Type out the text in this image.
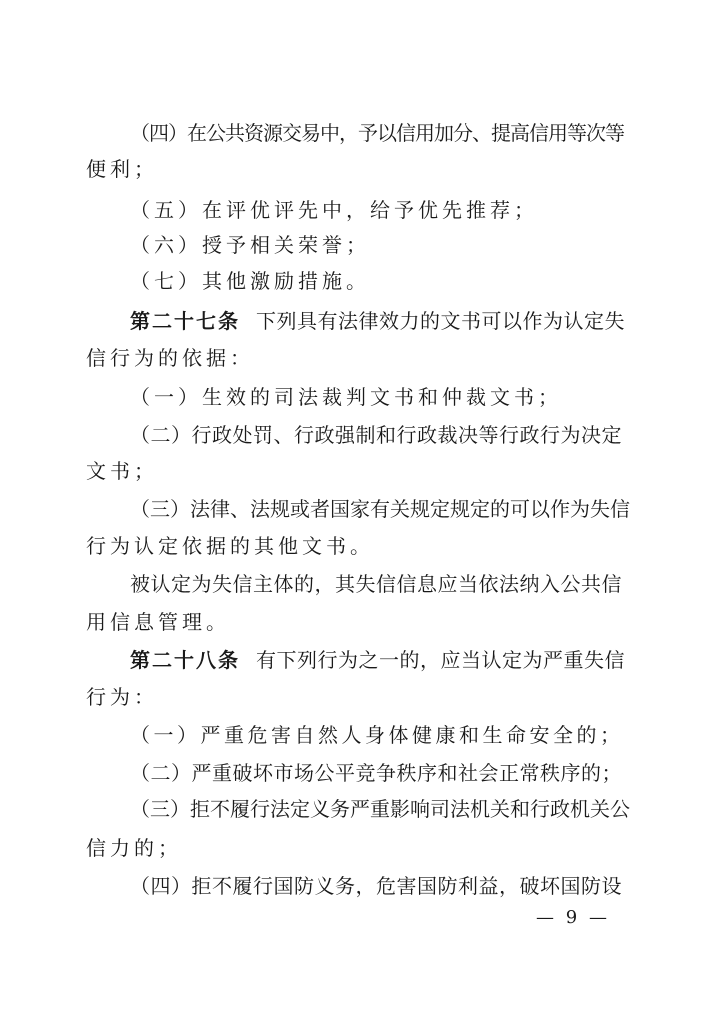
（四）在公共资源交易中，予以信用加分、提高信用等次等
便利；
（五）在评优评先中，给予优先推荐；
（六）授予相关荣誉；
（七）其他激励措施。
第二十七条 下列具有法律效力的文书可以作为认定失
信行为的依据：
（一）生效的司法裁判文书和仲裁文书；
（二）行政处罚、行政强制和行政裁决等行政行为决定
文书；
（三）法律、法规或者国家有关规定规定的可以作为失信
行为认定依据的其他文书。
被认定为失信主体的，其失信信息应当依法纳入公共信
用信息管理。
第二十八条 有下列行为之一的，应当认定为严重失信
行为：
（一）严重危害自然人身体健康和生命安全的；
（二）严重破坏市场公平竞争秩序和社会正常秩序的；
（三）拒不履行法定义务严重影响司法机关和行政机关公
信力的；
（四）拒不履行国防义务，危害国防利益，破坏国防设
— 9 —
